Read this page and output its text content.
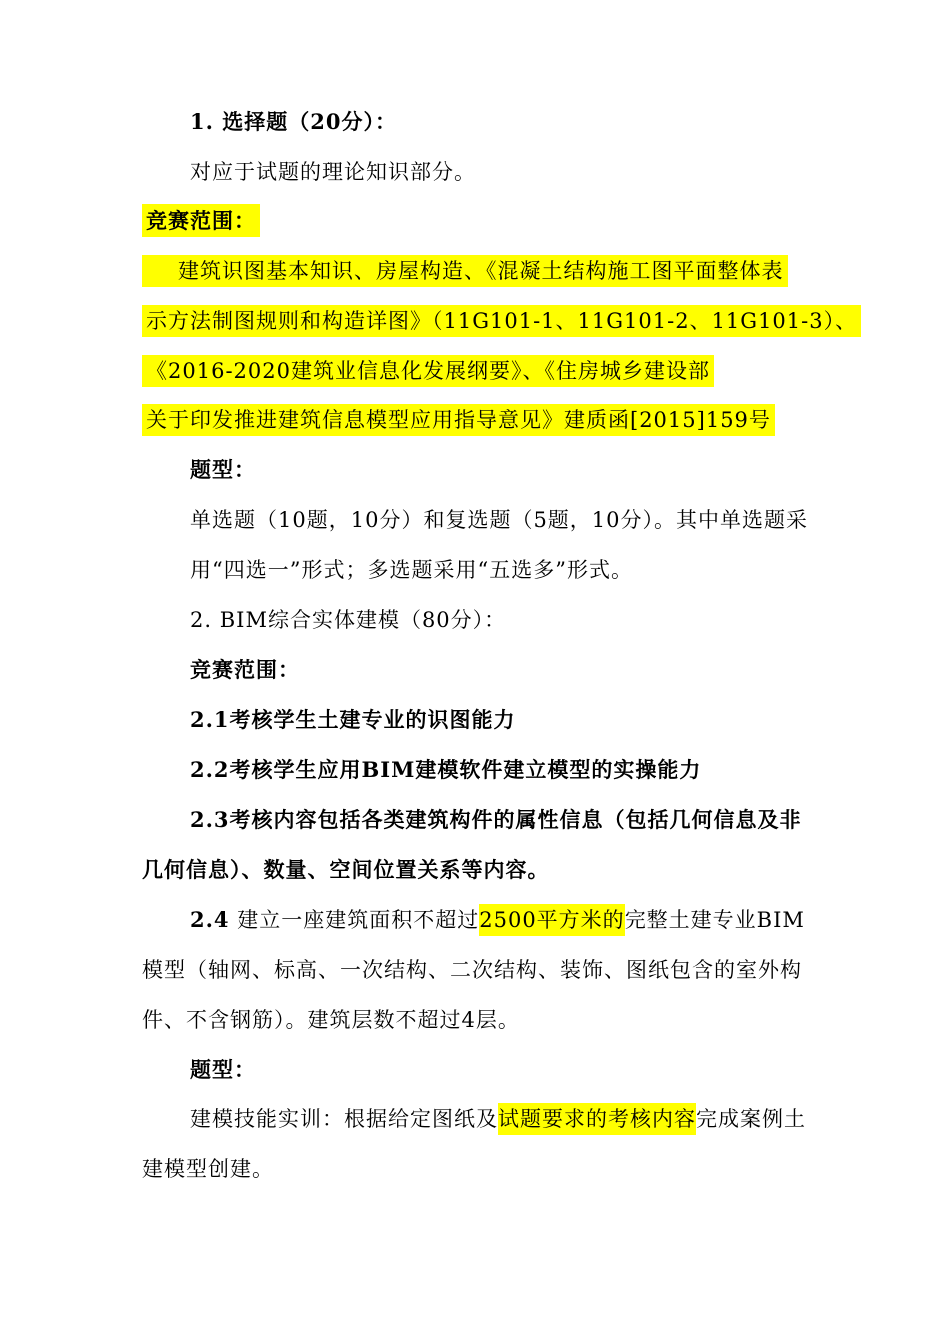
1. 选择题（20分）：
对应于试题的理论知识部分。
竞赛范围：
建筑识图基本知识、房屋构造、《混凝土结构施工图平面整体表
示方法制图规则和构造详图》（11G101-1、11G101-2、11G101-3）、
《2016-2020建筑业信息化发展纲要》、《住房城乡建设部
关于印发推进建筑信息模型应用指导意见》建质函[2015]159号
题型：
单选题（10题，10分）和复选题（5题，10分）。其中单选题采
用“四选一”形式；多选题采用“五选多”形式。
2. BIM综合实体建模（80分）：
竞赛范围：
2.1考核学生土建专业的识图能力
2.2考核学生应用BIM建模软件建立模型的实操能力
2.3考核内容包括各类建筑构件的属性信息（包括几何信息及非
几何信息）、数量、空间位置关系等内容。
2.4 建立一座建筑面积不超过2500平方米的完整土建专业BIM
模型（轴网、标高、一次结构、二次结构、装饰、图纸包含的室外构
件、不含钢筋）。建筑层数不超过4层。
题型：
建模技能实训：根据给定图纸及试题要求的考核内容完成案例土
建模型创建。
